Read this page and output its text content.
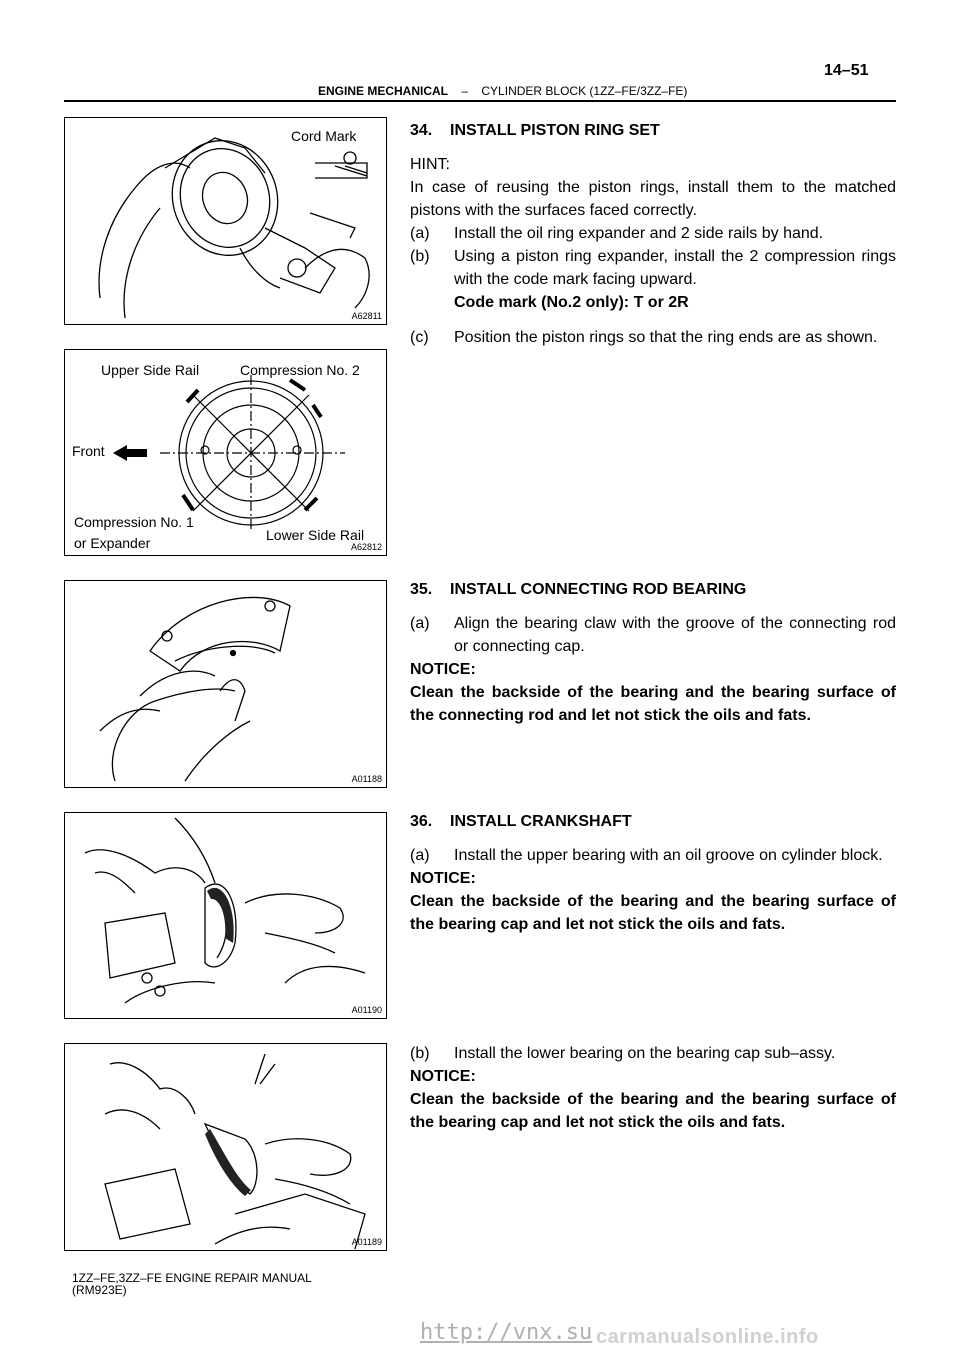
ENGINE MECHANICAL – CYLINDER BLOCK (1ZZ–FE/3ZZ–FE)
14–51
Cord Mark
A62811
Upper Side Rail	Compression No. 2
Front
Compression No. 1
or Expander	Lower Side Rail
A62812
A01188
A01190
A01189
34.    INSTALL PISTON RING SET
HINT:
In case of reusing the piston rings, install them to the matched pistons with the surfaces faced correctly.
(a) Install the oil ring expander and 2 side rails by hand.
(b) Using a piston ring expander, install the 2 compression rings with the code mark facing upward.
Code mark (No.2 only): T or 2R
(c) Position the piston rings so that the ring ends are as shown.
35.    INSTALL CONNECTING ROD BEARING
(a) Align the bearing claw with the groove of the connecting rod or connecting cap.
NOTICE:
Clean the backside of the bearing and the bearing surface of the connecting rod and let not stick the oils and fats.
36.    INSTALL CRANKSHAFT
(a) Install the upper bearing with an oil groove on cylinder block.
NOTICE:
Clean the backside of the bearing and the bearing surface of the bearing cap and let not stick the oils and fats.
(b) Install the lower bearing on the bearing cap sub–assy.
NOTICE:
Clean the backside of the bearing and the bearing surface of the bearing cap and let not stick the oils and fats.
1ZZ–FE,3ZZ–FE ENGINE REPAIR MANUAL
(RM923E)
http://vnx.su carmanualsonline.info
